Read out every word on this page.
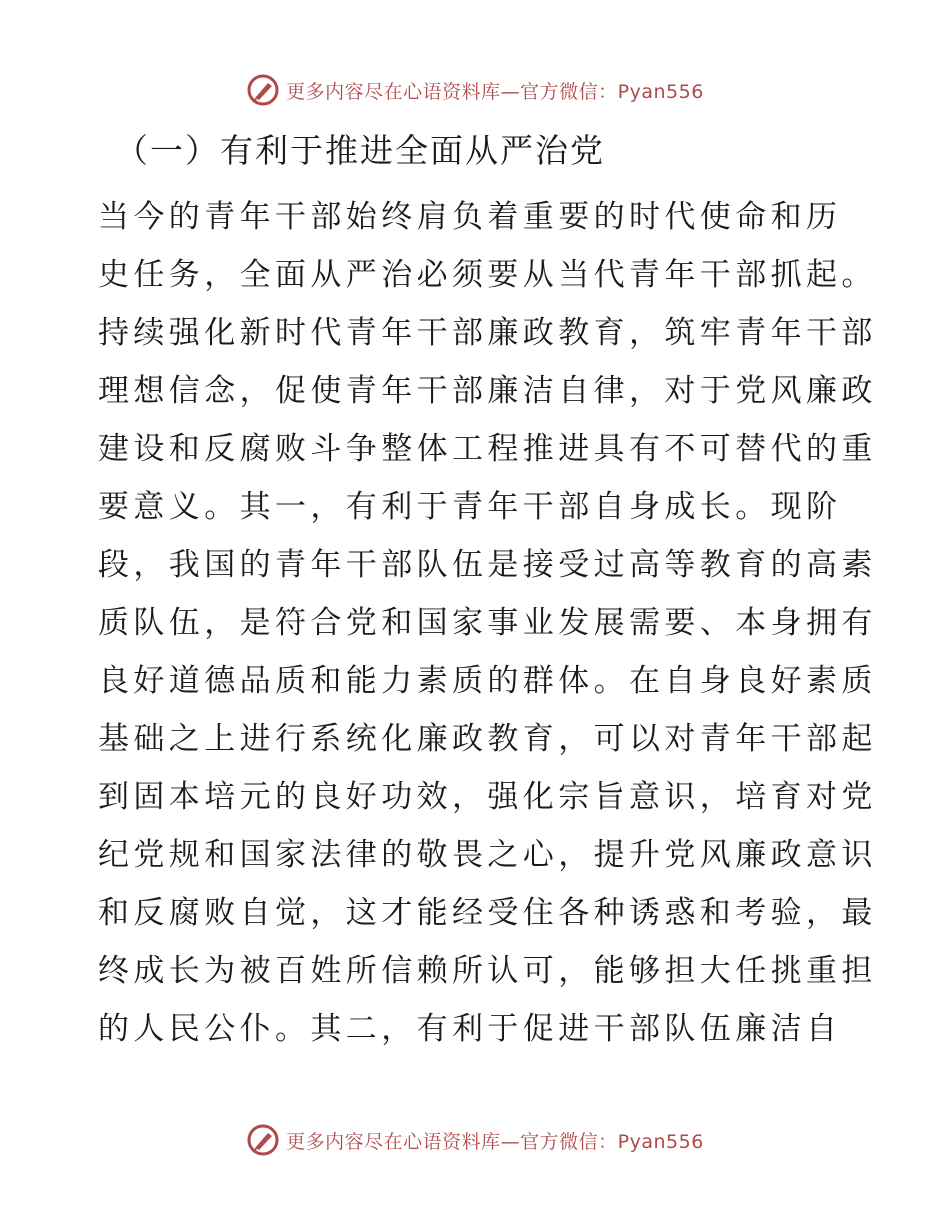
更多内容尽在心语资料库—官方微信：Pyan556
（一）有利于推进全面从严治党

当今的青年干部始终肩负着重要的时代使命和历

史任务，全面从严治必须要从当代青年干部抓起。

持续强化新时代青年干部廉政教育，筑牢青年干部

理想信念，促使青年干部廉洁自律，对于党风廉政

建设和反腐败斗争整体工程推进具有不可替代的重

要意义。其一，有利于青年干部自身成长。现阶

段，我国的青年干部队伍是接受过高等教育的高素

质队伍，是符合党和国家事业发展需要、本身拥有

良好道德品质和能力素质的群体。在自身良好素质

基础之上进行系统化廉政教育，可以对青年干部起

到固本培元的良好功效，强化宗旨意识，培育对党

纪党规和国家法律的敬畏之心，提升党风廉政意识

和反腐败自觉，这才能经受住各种诱惑和考验，最

终成长为被百姓所信赖所认可，能够担大任挑重担

的人民公仆。其二，有利于促进干部队伍廉洁自

更多内容尽在心语资料库—官方微信：Pyan556
